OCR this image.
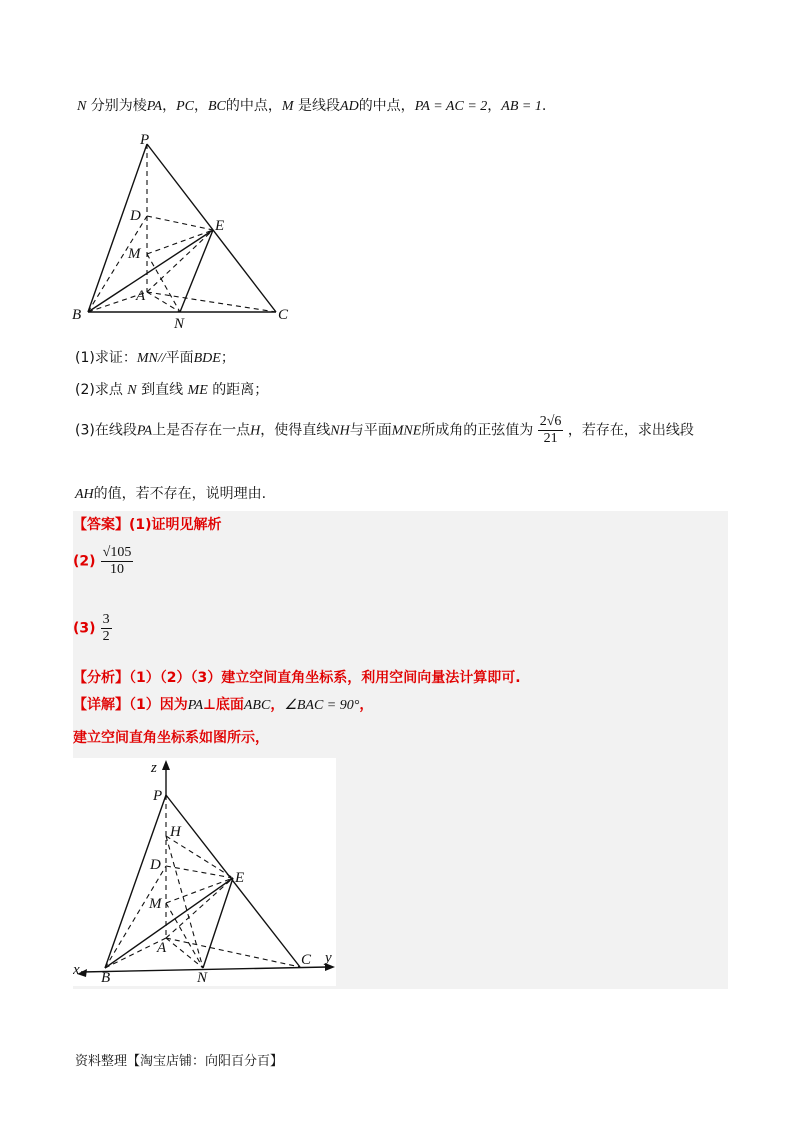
N 分别为棱PA，PC，BC的中点，M 是线段AD的中点，PA = AC = 2，AB = 1.
P
D
E
M
A
B
N
C
(1)求证：MN//平面BDE；
(2)求点 N 到直线 ME 的距离；
(3)在线段PA上是否存在一点H，使得直线NH与平面MNE所成角的正弦值为 $\frac{2√6}{21}$ ，若存在，求出线段
AH的值，若不存在，说明理由.
【答案】(1)证明见解析
$(2) \frac{√105}{10}$
$(3) \frac{3}{2}$
【分析】（1）（2）（3）建立空间直角坐标系，利用空间向量法计算即可.
【详解】（1）因为PA⊥底面ABC，∠BAC = 90°，
建立空间直角坐标系如图所示，
z
P
H
D
E
M
A
x B	N
C y
资料整理【淘宝店铺：向阳百分百】
